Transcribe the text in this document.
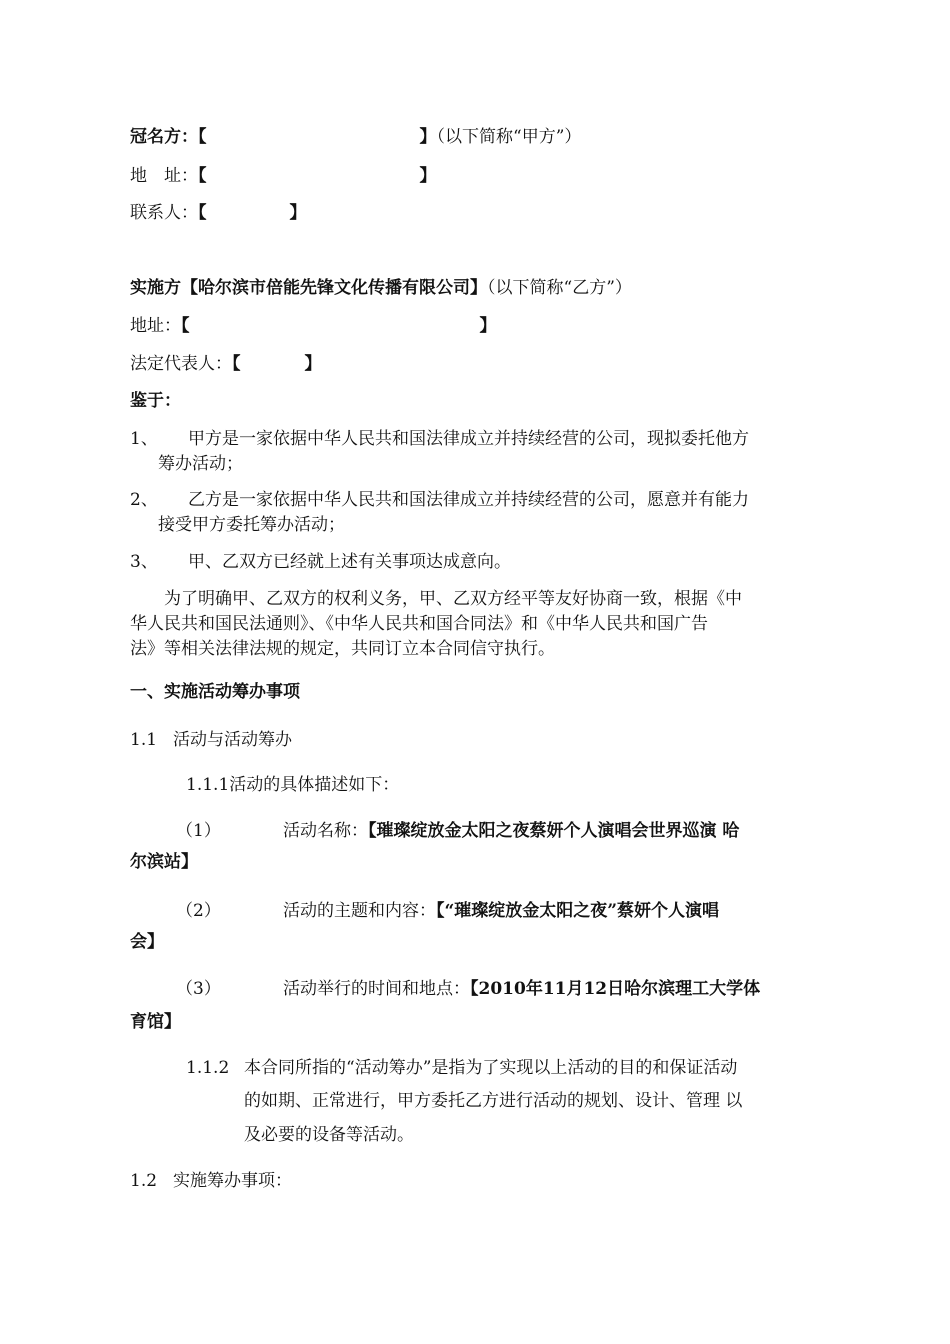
冠名方：【	】（以下简称“甲方”）
地　址：【	】
联系人：【	】
实施方【哈尔滨市倍能先锋文化传播有限公司】（以下简称“乙方”）
地址：【	】
法定代表人：【	】
鉴于：
1、 甲方是一家依据中华人民共和国法律成立并持续经营的公司，现拟委托他方
筹办活动；
2、 乙方是一家依据中华人民共和国法律成立并持续经营的公司，愿意并有能力
接受甲方委托筹办活动；
3、 甲、乙双方已经就上述有关事项达成意向。
为了明确甲、乙双方的权利义务，甲、乙双方经平等友好协商一致，根据《中
华人民共和国民法通则》、《中华人民共和国合同法》和《中华人民共和国广告
法》等相关法律法规的规定，共同订立本合同信守执行。
一、实施活动筹办事项
1.1 活动与活动筹办
1.1.1活动的具体描述如下：
（1）	活动名称：【璀璨绽放金太阳之夜蔡妍个人演唱会世界巡演 哈
尔滨站】
（2）	活动的主题和内容：【“璀璨绽放金太阳之夜”蔡妍个人演唱
会】
（3）	活动举行的时间和地点：【2010年11月12日哈尔滨理工大学体
育馆】
1.1.2 本合同所指的“活动筹办”是指为了实现以上活动的目的和保证活动
的如期、正常进行，甲方委托乙方进行活动的规划、设计、管理 以
及必要的设备等活动。
1.2 实施筹办事项：
